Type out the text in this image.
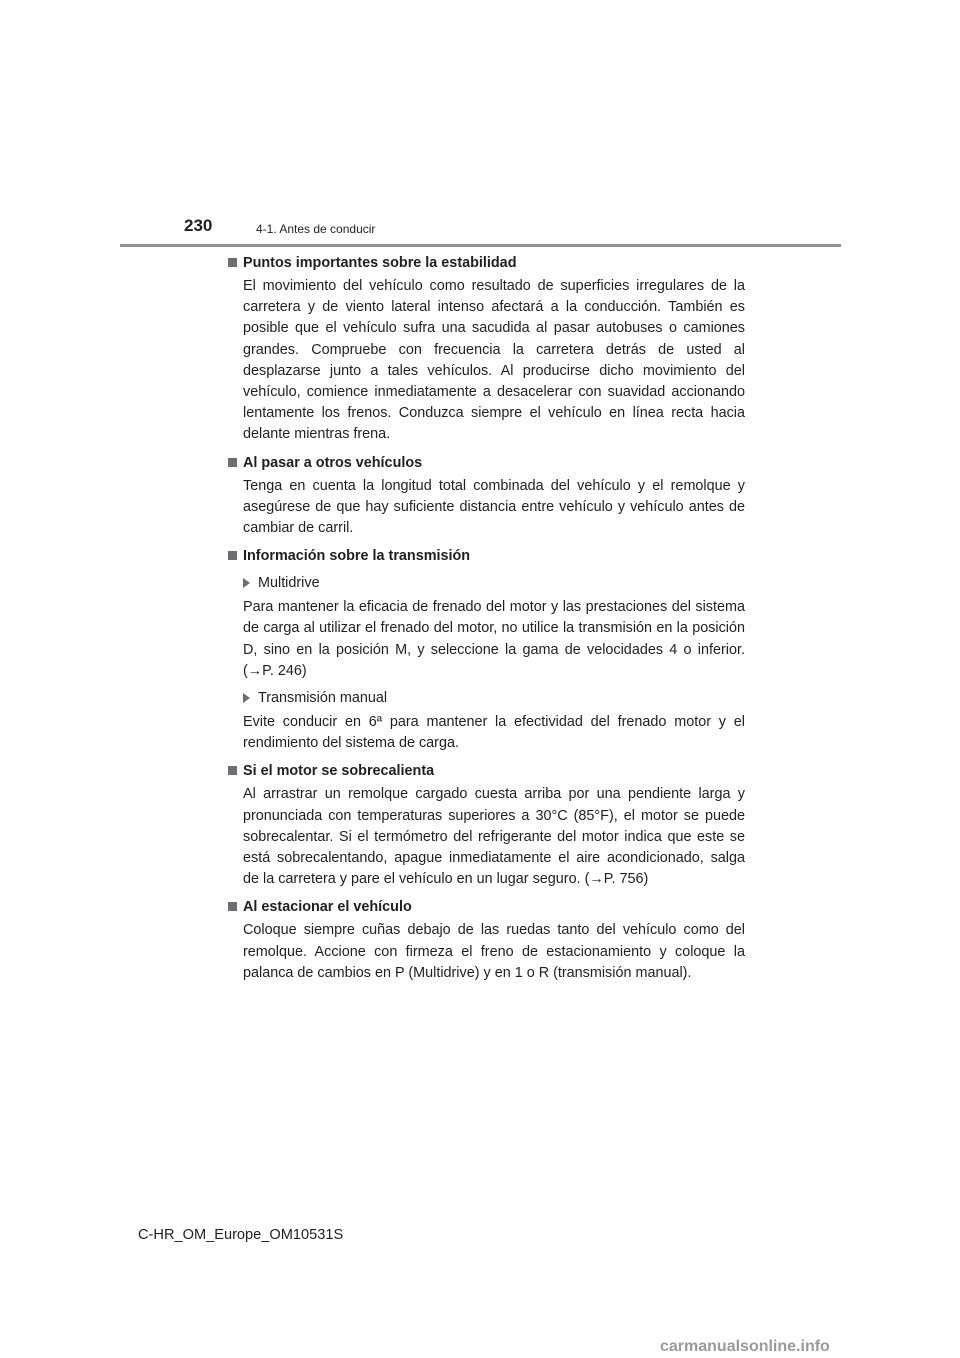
230	4-1. Antes de conducir
Puntos importantes sobre la estabilidad

El movimiento del vehículo como resultado de superficies irregulares de la carretera y de viento lateral intenso afectará a la conducción. También es posible que el vehículo sufra una sacudida al pasar autobuses o camiones grandes. Compruebe con frecuencia la carretera detrás de usted al desplazarse junto a tales vehículos. Al producirse dicho movimiento del vehículo, comience inmediatamente a desacelerar con suavidad accionando lentamente los frenos. Conduzca siempre el vehículo en línea recta hacia delante mientras frena.

Al pasar a otros vehículos

Tenga en cuenta la longitud total combinada del vehículo y el remolque y asegúrese de que hay suficiente distancia entre vehículo y vehículo antes de cambiar de carril.

Información sobre la transmisión
Multidrive

Para mantener la eficacia de frenado del motor y las prestaciones del sistema de carga al utilizar el frenado del motor, no utilice la transmisión en la posición D, sino en la posición M, y seleccione la gama de velocidades 4 o inferior. (→P. 246)

Transmisión manual

Evite conducir en 6ª para mantener la efectividad del frenado motor y el rendimiento del sistema de carga.

Si el motor se sobrecalienta

Al arrastrar un remolque cargado cuesta arriba por una pendiente larga y pronunciada con temperaturas superiores a 30°C (85°F), el motor se puede sobrecalentar. Si el termómetro del refrigerante del motor indica que este se está sobrecalentando, apague inmediatamente el aire acondicionado, salga de la carretera y pare el vehículo en un lugar seguro. (→P. 756)

Al estacionar el vehículo

Coloque siempre cuñas debajo de las ruedas tanto del vehículo como del remolque. Accione con firmeza el freno de estacionamiento y coloque la palanca de cambios en P (Multidrive) y en 1 o R (transmisión manual).

C-HR_OM_Europe_OM10531S
carmanualsonline.info
